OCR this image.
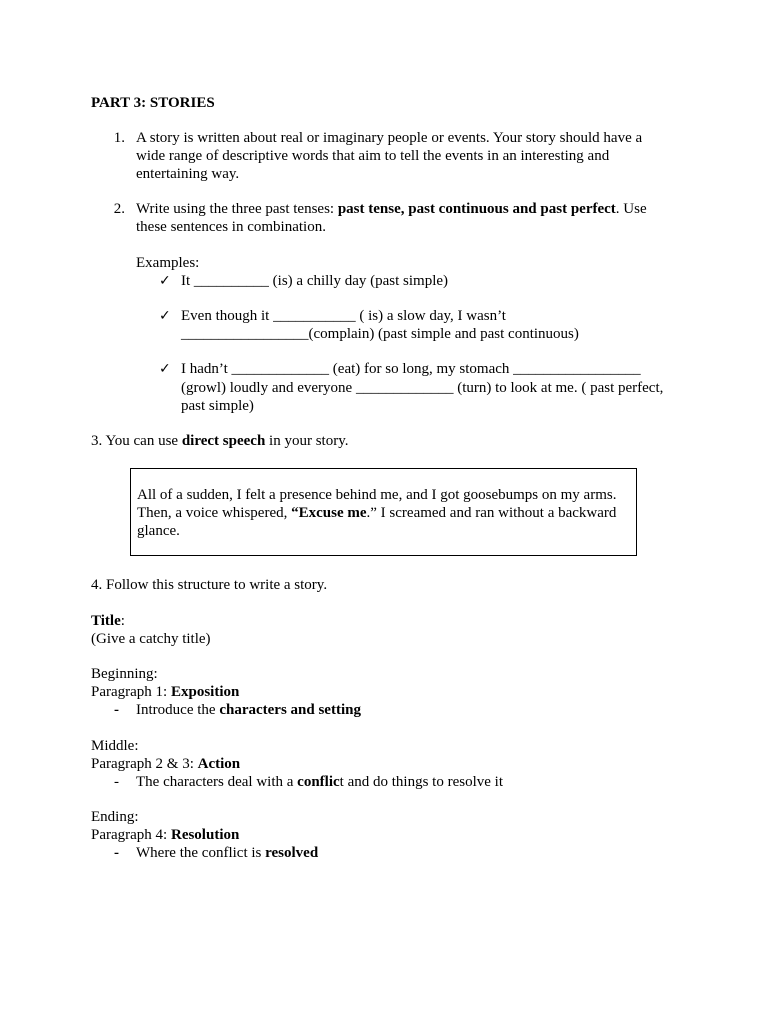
PART 3: STORIES
1. A story is written about real or imaginary people or events. Your story should have a
wide range of descriptive words that aim to tell the events in an interesting and
entertaining way.
2. Write using the three past tenses: past tense, past continuous and past perfect. Use
these sentences in combination.
Examples:
✓ It __________ (is) a chilly day (past simple)
✓ Even though it ___________ ( is) a slow day, I wasn’t
_________________(complain) (past simple and past continuous)
✓ I hadn’t _____________ (eat) for so long, my stomach _________________
(growl) loudly and everyone _____________ (turn) to look at me. ( past perfect,
past simple)
3. You can use direct speech in your story.
All of a sudden, I felt a presence behind me, and I got goosebumps on my arms.
Then, a voice whispered, “Excuse me.” I screamed and ran without a backward
glance.
4. Follow this structure to write a story.
Title:
(Give a catchy title)
Beginning:
Paragraph 1: Exposition
- Introduce the characters and setting
Middle:
Paragraph 2 & 3: Action
- The characters deal with a conflict and do things to resolve it
Ending:
Paragraph 4: Resolution
- Where the conflict is resolved
